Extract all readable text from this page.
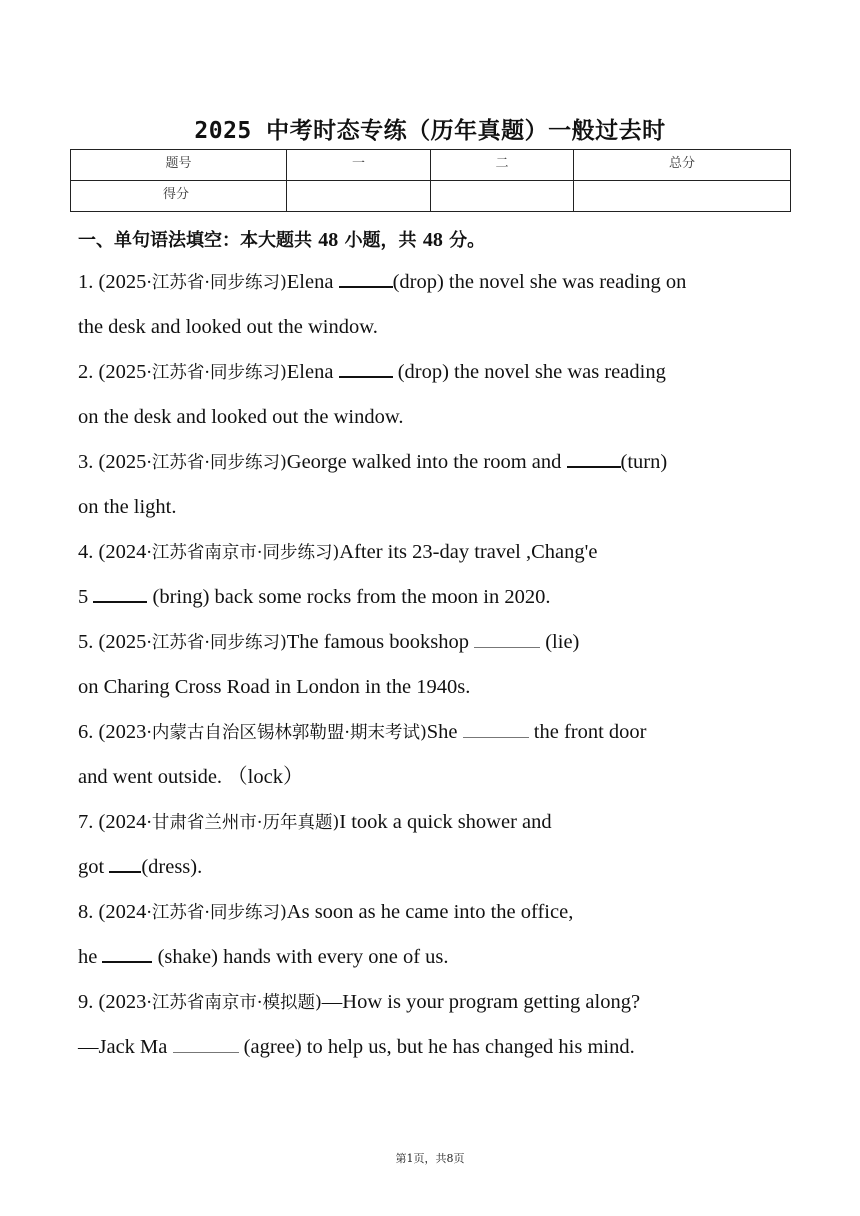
2025 中考时态专练（历年真题）一般过去时
题号	一	二	总分
得分			
一、单句语法填空：本大题共 48 小题，共 48 分。
1. (2025·江苏省·同步练习)Elena	(drop) the novel she was reading on
the desk and looked out the window.
2. (2025·江苏省·同步练习)Elena	(drop) the novel she was reading
on the desk and looked out the window.
3. (2025·江苏省·同步练习)George walked into the room and	(turn)
on the light.
4. (2024·江苏省南京市·同步练习)After its 23-day travel ,Chang'e
5	(bring) back some rocks from the moon in 2020.
5. (2025·江苏省·同步练习)The famous bookshop	(lie)
on Charing Cross Road in London in the 1940s.
6. (2023·内蒙古自治区锡林郭勒盟·期末考试)She	the front door
and went outside. （lock）
7. (2024·甘肃省兰州市·历年真题)I took a quick shower and
got (dress).
8. (2024·江苏省·同步练习)As soon as he came into the office,
he  (shake) hands with every one of us.
9. (2023·江苏省南京市·模拟题)—How is your program getting along?
—Jack Ma	(agree) to help us, but he has changed his mind.
第1页，共8页
